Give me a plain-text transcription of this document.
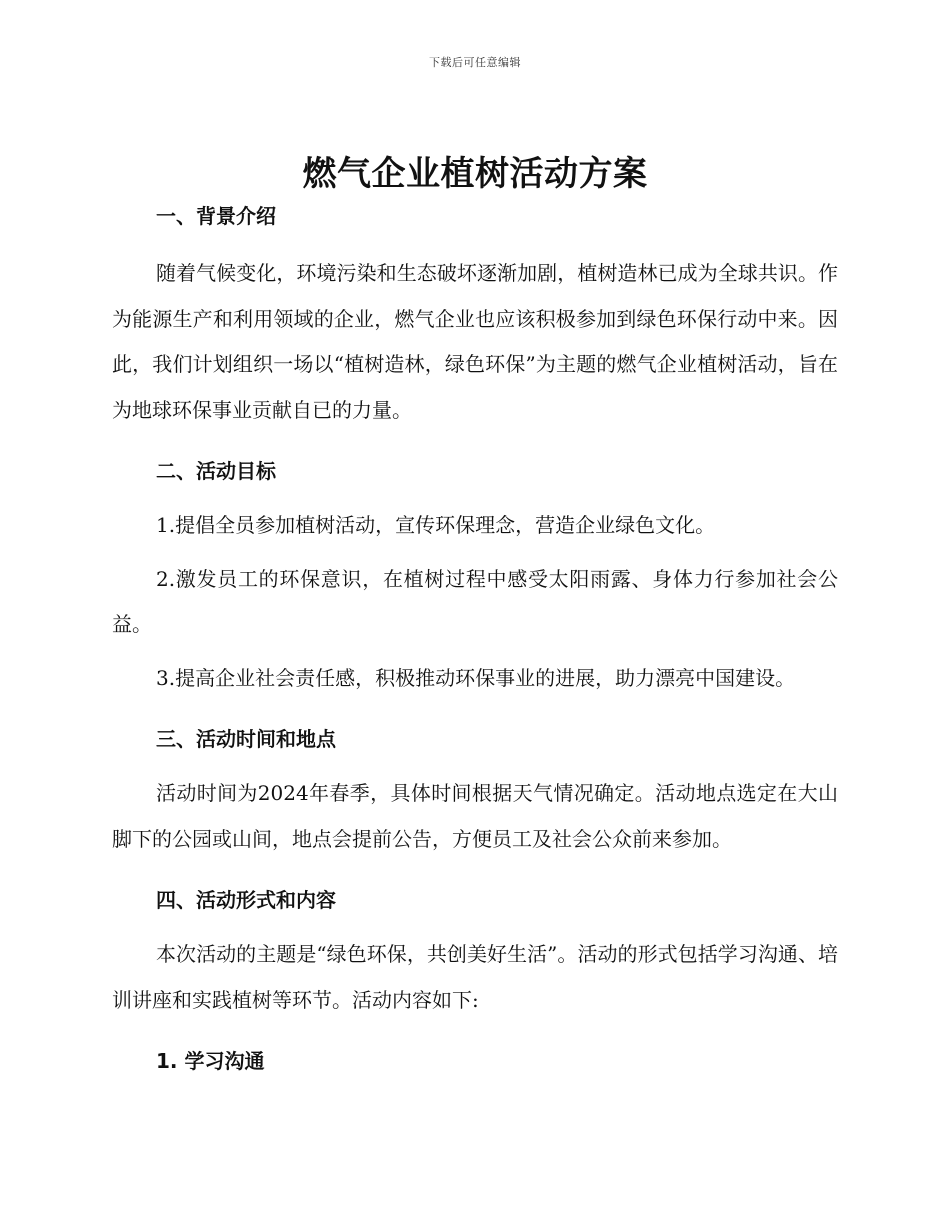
下载后可任意编辑
燃气企业植树活动方案
一、背景介绍

随着气候变化，环境污染和生态破坏逐渐加剧，植树造林已成为全球共识。作为能源生产和利用领域的企业，燃气企业也应该积极参加到绿色环保行动中来。因此，我们计划组织一场以“植树造林，绿色环保”为主题的燃气企业植树活动，旨在为地球环保事业贡献自已的力量。

二、活动目标

1.提倡全员参加植树活动，宣传环保理念，营造企业绿色文化。

2.激发员工的环保意识，在植树过程中感受太阳雨露、身体力行参加社会公益。

3.提高企业社会责任感，积极推动环保事业的进展，助力漂亮中国建设。

三、活动时间和地点

活动时间为2024年春季，具体时间根据天气情况确定。活动地点选定在大山脚下的公园或山间，地点会提前公告，方便员工及社会公众前来参加。

四、活动形式和内容

本次活动的主题是“绿色环保，共创美好生活”。活动的形式包括学习沟通、培训讲座和实践植树等环节。活动内容如下:

1. 学习沟通
